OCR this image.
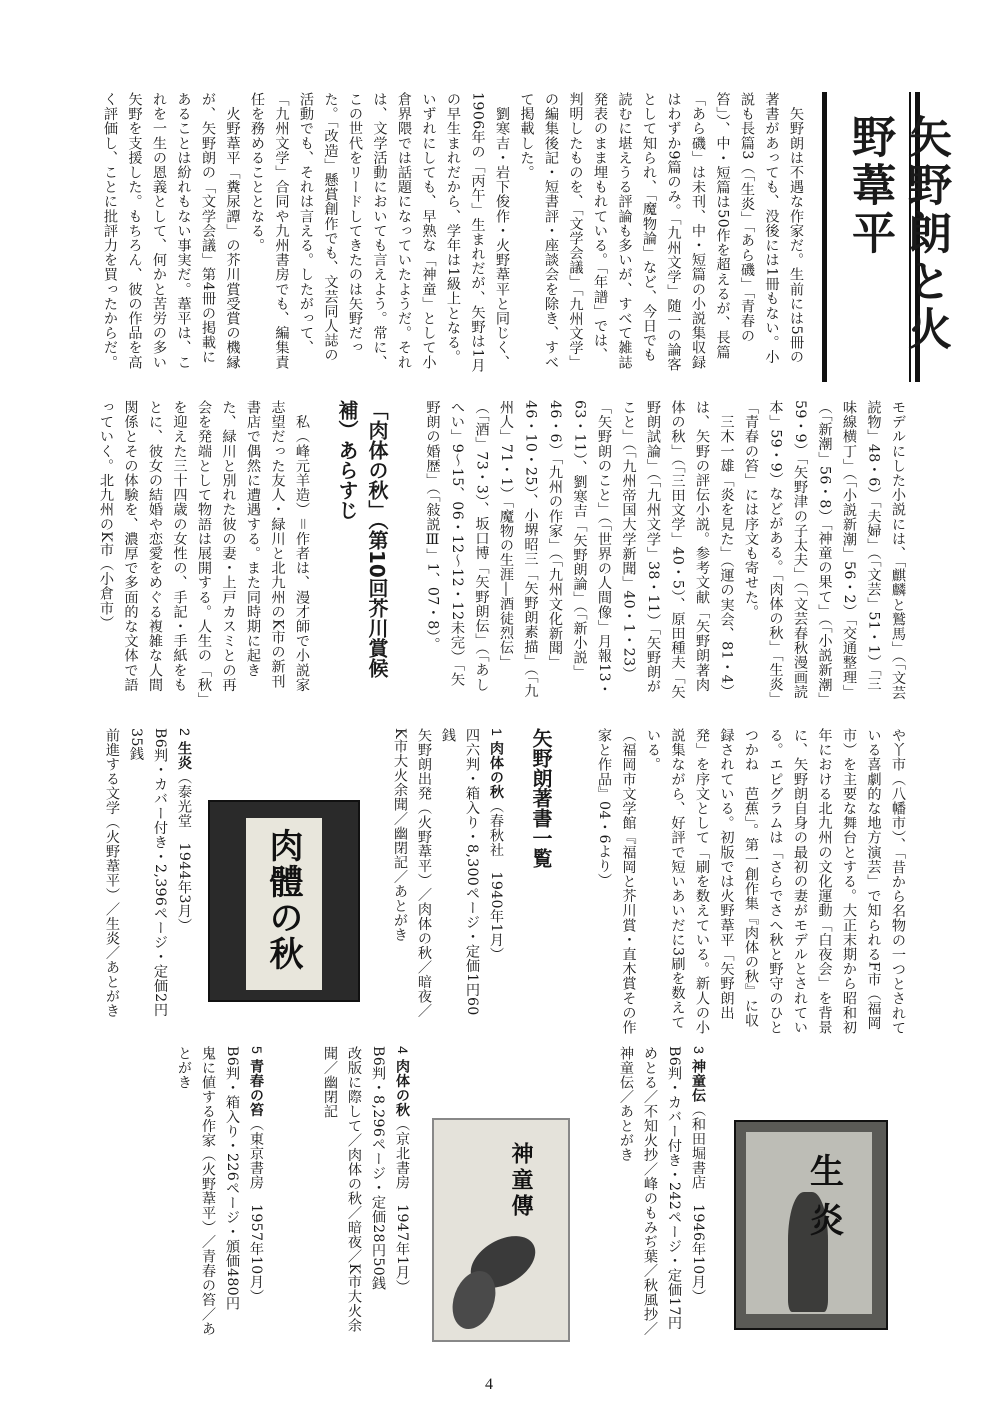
矢野朗と火野葦平
　矢野朗は不遇な作家だ。生前には5冊の著書があっても、没後には1冊もない。小説も長篇3（「生炎」「あら磯」「青春の笞」）、中・短篇は50作を超えるが、長篇「あら磯」は未刊、中・短篇の小説集収録はわずか9篇のみ。「九州文学」随一の論客として知られ、「魔物論」など、今日でも読むに堪えうる評論も多いが、すべて雑誌発表のまま埋もれている。「年譜」では、判明したものを、「文学会議」「九州文学」の編集後記・短書評・座談会を除き、すべて掲載した。
　劉寒吉・岩下俊作・火野葦平と同じく、1906年の「丙午」生まれだが、矢野は1月の早生まれだから、学年は1級上となる。いずれにしても、早熟な「神童」として小倉界隈では話題になっていたようだ。それは、文学活動においても言えよう。常に、この世代をリードしてきたのは矢野だった。「改造」懸賞創作でも、文芸同人誌の活動でも、それは言える。したがって、「九州文学」合同や九州書房でも、編集責任を務めることとなる。
　火野葦平「糞尿譚」の芥川賞受賞の機縁が、矢野朗の「文学会議」第4冊の掲載にあることは紛れもない事実だ。葦平は、これを一生の恩義として、何かと苦労の多い矢野を支援した。もちろん、彼の作品を高く評価し、ことに批評力を買ったからだ。
モデルにした小説には、「麒麟と鷲馬」（「文芸読物」48・6）「夫婦」（「文芸」51・1）「三味線横丁」（「小説新潮」56・2）「交通整理」（「新潮」56・8）「神童の果て」（「小説新潮」59・9）「矢野津の子太夫」（「文芸春秋漫画読本」59・9）などがある。「肉体の秋」「生炎」「青春の笞」には序文も寄せた。
　三木一雄「炎を見た」（運の実会、81・4）は、矢野の評伝小説。参考文献「矢野朗著肉体の秋」（「三田文学」40・5）、原田種夫「矢野朗試論」（「九州文学」38・11）「矢野朗がこと」（「九州帝国大学新聞」40・1・23）「矢野朗のこと」（「世界の人間像」月報13・63・11）、劉寒吉「矢野朗論」（「新小説」46・6）「九州の作家」（「九州文化新聞」46・10・25）、小堺昭三「矢野朗素描」（「九州人」71・1）「魔物の生涯―酒徒烈伝」（「酒」73・3）、坂口博「矢野朗伝」（「あしへい」9～15、06・12～12・12未完）「矢野朗の婚歴」（「敍説Ⅲ」1、07・8）。
「肉体の秋」（第10回芥川賞候補）あらすじ
　私（峰元羊造）＝作者は、漫才師で小説家志望だった友人・緑川と北九州のK市の新刊書店で偶然に遭遇する。また同時期に起きた、緑川と別れた彼の妻・上戸カスミとの再会を発端として物語は展開する。人生の「秋」を迎えた三十四歳の女性の、手記・手紙をもとに、彼女の結婚や恋愛をめぐる複雑な人間関係とその体験を、濃厚で多面的な文体で語っていく。北九州のK市（小倉市）
や丫市（八幡市）、「昔から名物の一つとされている喜劇的な地方演芸」で知られるF市（福岡市）を主要な舞台とする。大正末期から昭和初年における北九州の文化運動「白夜会」を背景に、矢野朗自身の最初の妻がモデルとされている。エピグラムは「さらでさへ秋と野守のひとつかね　芭蕉」。第一創作集『肉体の秋』に収録されている。初版では火野葦平「矢野朗出発」を序文として「刷を数えている。新人の小説集ながら、好評で短いあいだに3刷を数えている。
（福岡市文学館『福岡と芥川賞・直木賞その作家と作品』04・6より）
矢野朗著書一覧
1 肉体の秋（春秋社　1940年1月）
四六判・箱入り・8,300ページ・定価1円60銭
矢野朗出発（火野葦平）／肉体の秋／暗夜／K市大火余聞／幽閉記／あとがき
肉體の秋
2 生炎（泰光堂　1944年3月）
B6判・カバー付き・2,396ページ・定価2円35銭
前進する文学（火野葦平）／生炎／あとがき
生炎
3 神童伝（和田堀書店　1946年10月）
B6判・カバー付き・242ページ・定価17円
めとる／不知火抄／峰のもみぢ葉／秋風抄／神童伝／あとがき
神童傳
4 肉体の秋（京北書房　1947年1月）
B6判・8,296ページ・定価28円50銭
改版に際して／肉体の秋／暗夜／K市大火余聞／幽閉記
5 青春の笞（東京書房　1957年10月）
B6判・箱入り・226ページ・頒価480円
鬼に値する作家（火野葦平）／青春の笞／あとがき
4
